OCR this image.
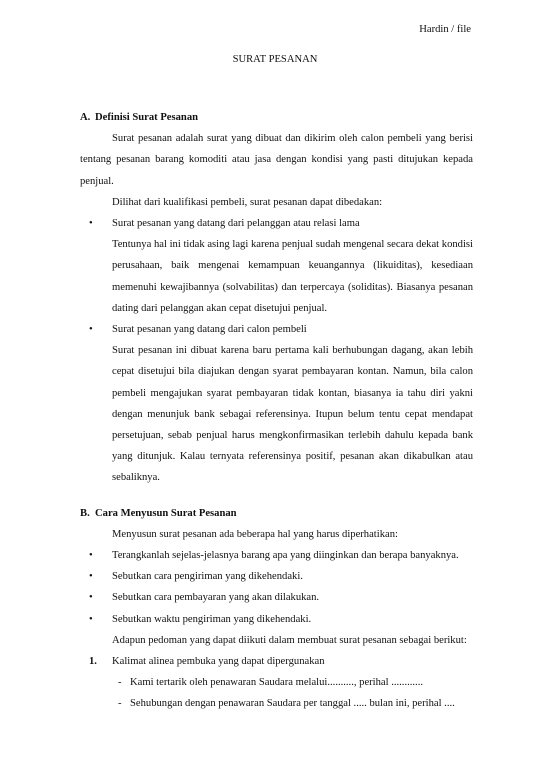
Hardin / file
SURAT PESANAN
A. Definisi Surat Pesanan

Surat pesanan adalah surat yang dibuat dan dikirim oleh calon pembeli yang berisi tentang pesanan barang komoditi atau jasa dengan kondisi yang pasti ditujukan kepada penjual.

Dilihat dari kualifikasi pembeli, surat pesanan dapat dibedakan:

•	Surat pesanan yang datang dari pelanggan atau relasi lama

Tentunya hal ini tidak asing lagi karena penjual sudah mengenal secara dekat kondisi perusahaan, baik mengenai kemampuan keuangannya (likuiditas), kesediaan memenuhi kewajibannya (solvabilitas) dan terpercaya (soliditas). Biasanya pesanan dating dari pelanggan akan cepat disetujui penjual.

•	Surat pesanan yang datang dari calon pembeli

Surat pesanan ini dibuat karena baru pertama kali berhubungan dagang, akan lebih cepat disetujui bila diajukan dengan syarat pembayaran kontan. Namun, bila calon pembeli mengajukan syarat pembayaran tidak kontan, biasanya ia tahu diri yakni dengan menunjuk bank sebagai referensinya. Itupun belum tentu cepat mendapat persetujuan, sebab penjual harus mengkonfirmasikan terlebih dahulu kepada bank yang ditunjuk. Kalau ternyata referensinya positif, pesanan akan dikabulkan atau sebaliknya.

B. Cara Menyusun Surat Pesanan

Menyusun surat pesanan ada beberapa hal yang harus diperhatikan:

•	Terangkanlah sejelas-jelasnya barang apa yang diinginkan dan berapa banyaknya.
•	Sebutkan cara pengiriman yang dikehendaki.
•	Sebutkan cara pembayaran yang akan dilakukan.
•	Sebutkan waktu pengiriman yang dikehendaki.

Adapun pedoman yang dapat diikuti dalam membuat surat pesanan sebagai berikut:

1.	Kalimat alinea pembuka yang dapat dipergunakan
- Kami tertarik oleh penawaran Saudara melalui.........., perihal ............
- Sehubungan dengan penawaran Saudara per tanggal ..... bulan ini, perihal ....
